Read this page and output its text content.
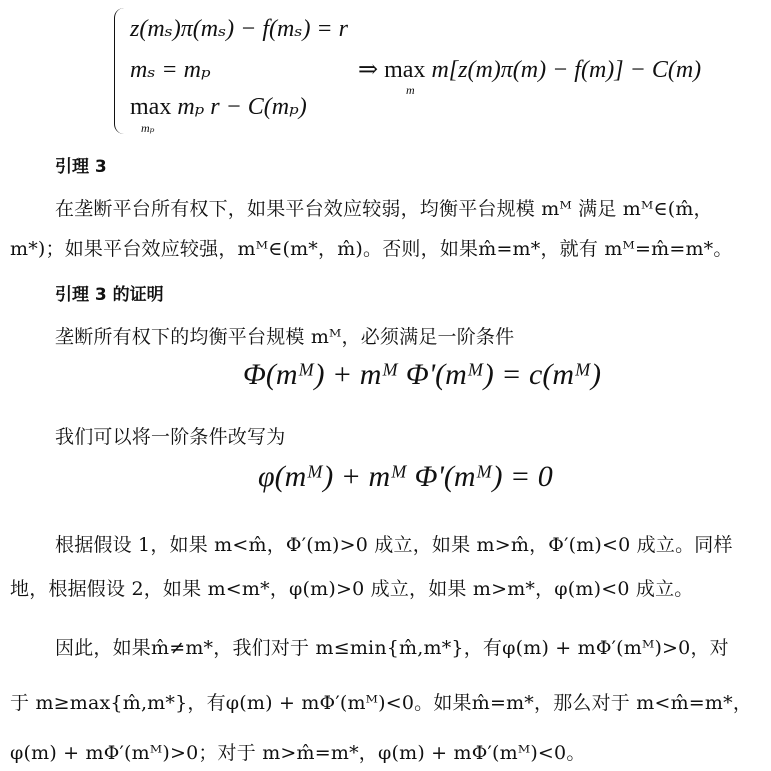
z(mₛ)π(mₛ) − f(mₛ) = r
mₛ = mₚ
max mₚ r − C(mₚ)
mₚ
⇒ max m[z(m)π(m) − f(m)] − C(m)
m
引理 3
在垄断平台所有权下，如果平台效应较弱，均衡平台规模 mᴹ 满足 mᴹ∈(m̂，
m*)；如果平台效应较强，mᴹ∈(m*，m̂)。否则，如果m̂=m*，就有 mᴹ=m̂=m*。
引理 3 的证明
垄断所有权下的均衡平台规模 mᴹ，必须满足一阶条件
Φ(mᴹ) + mᴹ Φ'(mᴹ) = c(mᴹ)
我们可以将一阶条件改写为
φ(mᴹ) + mᴹ Φ'(mᴹ) = 0
根据假设 1，如果 m<m̂，Φ′(m)>0 成立，如果 m>m̂，Φ′(m)<0 成立。同样
地，根据假设 2，如果 m<m*，φ(m)>0 成立，如果 m>m*，φ(m)<0 成立。
因此，如果m̂≠m*，我们对于 m≤min{m̂,m*}，有φ(m) + mΦ′(mᴹ)>0，对
于 m≥max{m̂,m*}，有φ(m) + mΦ′(mᴹ)<0。如果m̂=m*，那么对于 m<m̂=m*，
φ(m) + mΦ′(mᴹ)>0；对于 m>m̂=m*，φ(m) + mΦ′(mᴹ)<0。
